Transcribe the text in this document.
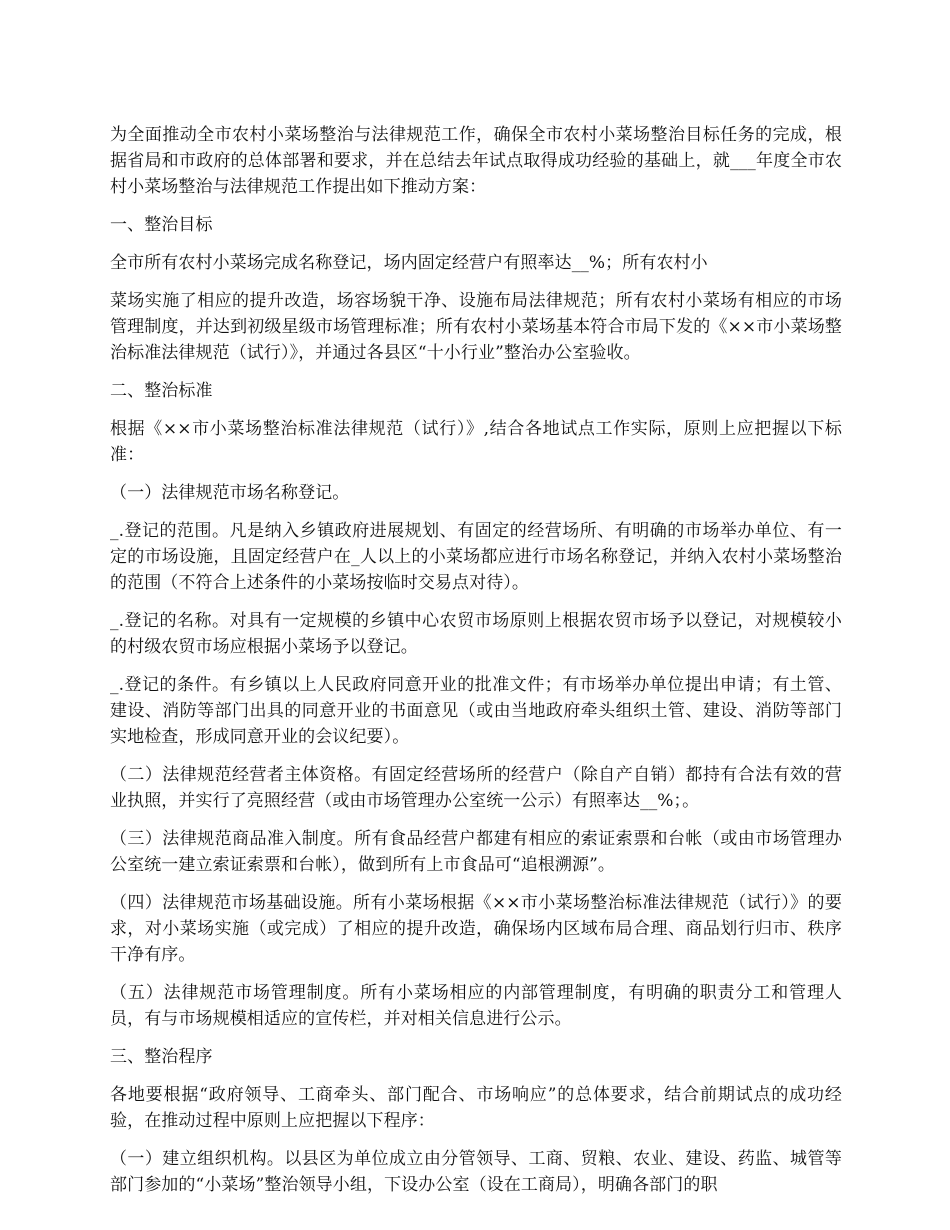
为全面推动全市农村小菜场整治与法律规范工作，确保全市农村小菜场整治目标任务的完成，根据省局和市政府的总体部署和要求，并在总结去年试点取得成功经验的基础上，就___年度全市农村小菜场整治与法律规范工作提出如下推动方案：

一、整治目标

全市所有农村小菜场完成名称登记，场内固定经营户有照率达__%；所有农村小

菜场实施了相应的提升改造，场容场貌干净、设施布局法律规范；所有农村小菜场有相应的市场管理制度，并达到初级星级市场管理标准；所有农村小菜场基本符合市局下发的《××市小菜场整治标准法律规范（试行）》，并通过各县区“十小行业”整治办公室验收。

二、整治标准

根据《××市小菜场整治标准法律规范（试行）》,结合各地试点工作实际，原则上应把握以下标准：

（一）法律规范市场名称登记。

_.登记的范围。凡是纳入乡镇政府进展规划、有固定的经营场所、有明确的市场举办单位、有一定的市场设施，且固定经营户在_人以上的小菜场都应进行市场名称登记，并纳入农村小菜场整治的范围（不符合上述条件的小菜场按临时交易点对待）。

_.登记的名称。对具有一定规模的乡镇中心农贸市场原则上根据农贸市场予以登记，对规模较小的村级农贸市场应根据小菜场予以登记。

_.登记的条件。有乡镇以上人民政府同意开业的批准文件；有市场举办单位提出申请；有土管、建设、消防等部门出具的同意开业的书面意见（或由当地政府牵头组织土管、建设、消防等部门实地检查，形成同意开业的会议纪要）。

（二）法律规范经营者主体资格。有固定经营场所的经营户（除自产自销）都持有合法有效的营业执照，并实行了亮照经营（或由市场管理办公室统一公示）有照率达__%；。

（三）法律规范商品准入制度。所有食品经营户都建有相应的索证索票和台帐（或由市场管理办公室统一建立索证索票和台帐），做到所有上市食品可“追根溯源”。

（四）法律规范市场基础设施。所有小菜场根据《××市小菜场整治标准法律规范（试行）》的要求，对小菜场实施（或完成）了相应的提升改造，确保场内区域布局合理、商品划行归市、秩序干净有序。

（五）法律规范市场管理制度。所有小菜场相应的内部管理制度，有明确的职责分工和管理人员，有与市场规模相适应的宣传栏，并对相关信息进行公示。

三、整治程序

各地要根据“政府领导、工商牵头、部门配合、市场响应”的总体要求，结合前期试点的成功经验，在推动过程中原则上应把握以下程序：

（一）建立组织机构。以县区为单位成立由分管领导、工商、贸粮、农业、建设、药监、城管等部门参加的“小菜场”整治领导小组，下设办公室（设在工商局），明确各部门的职
